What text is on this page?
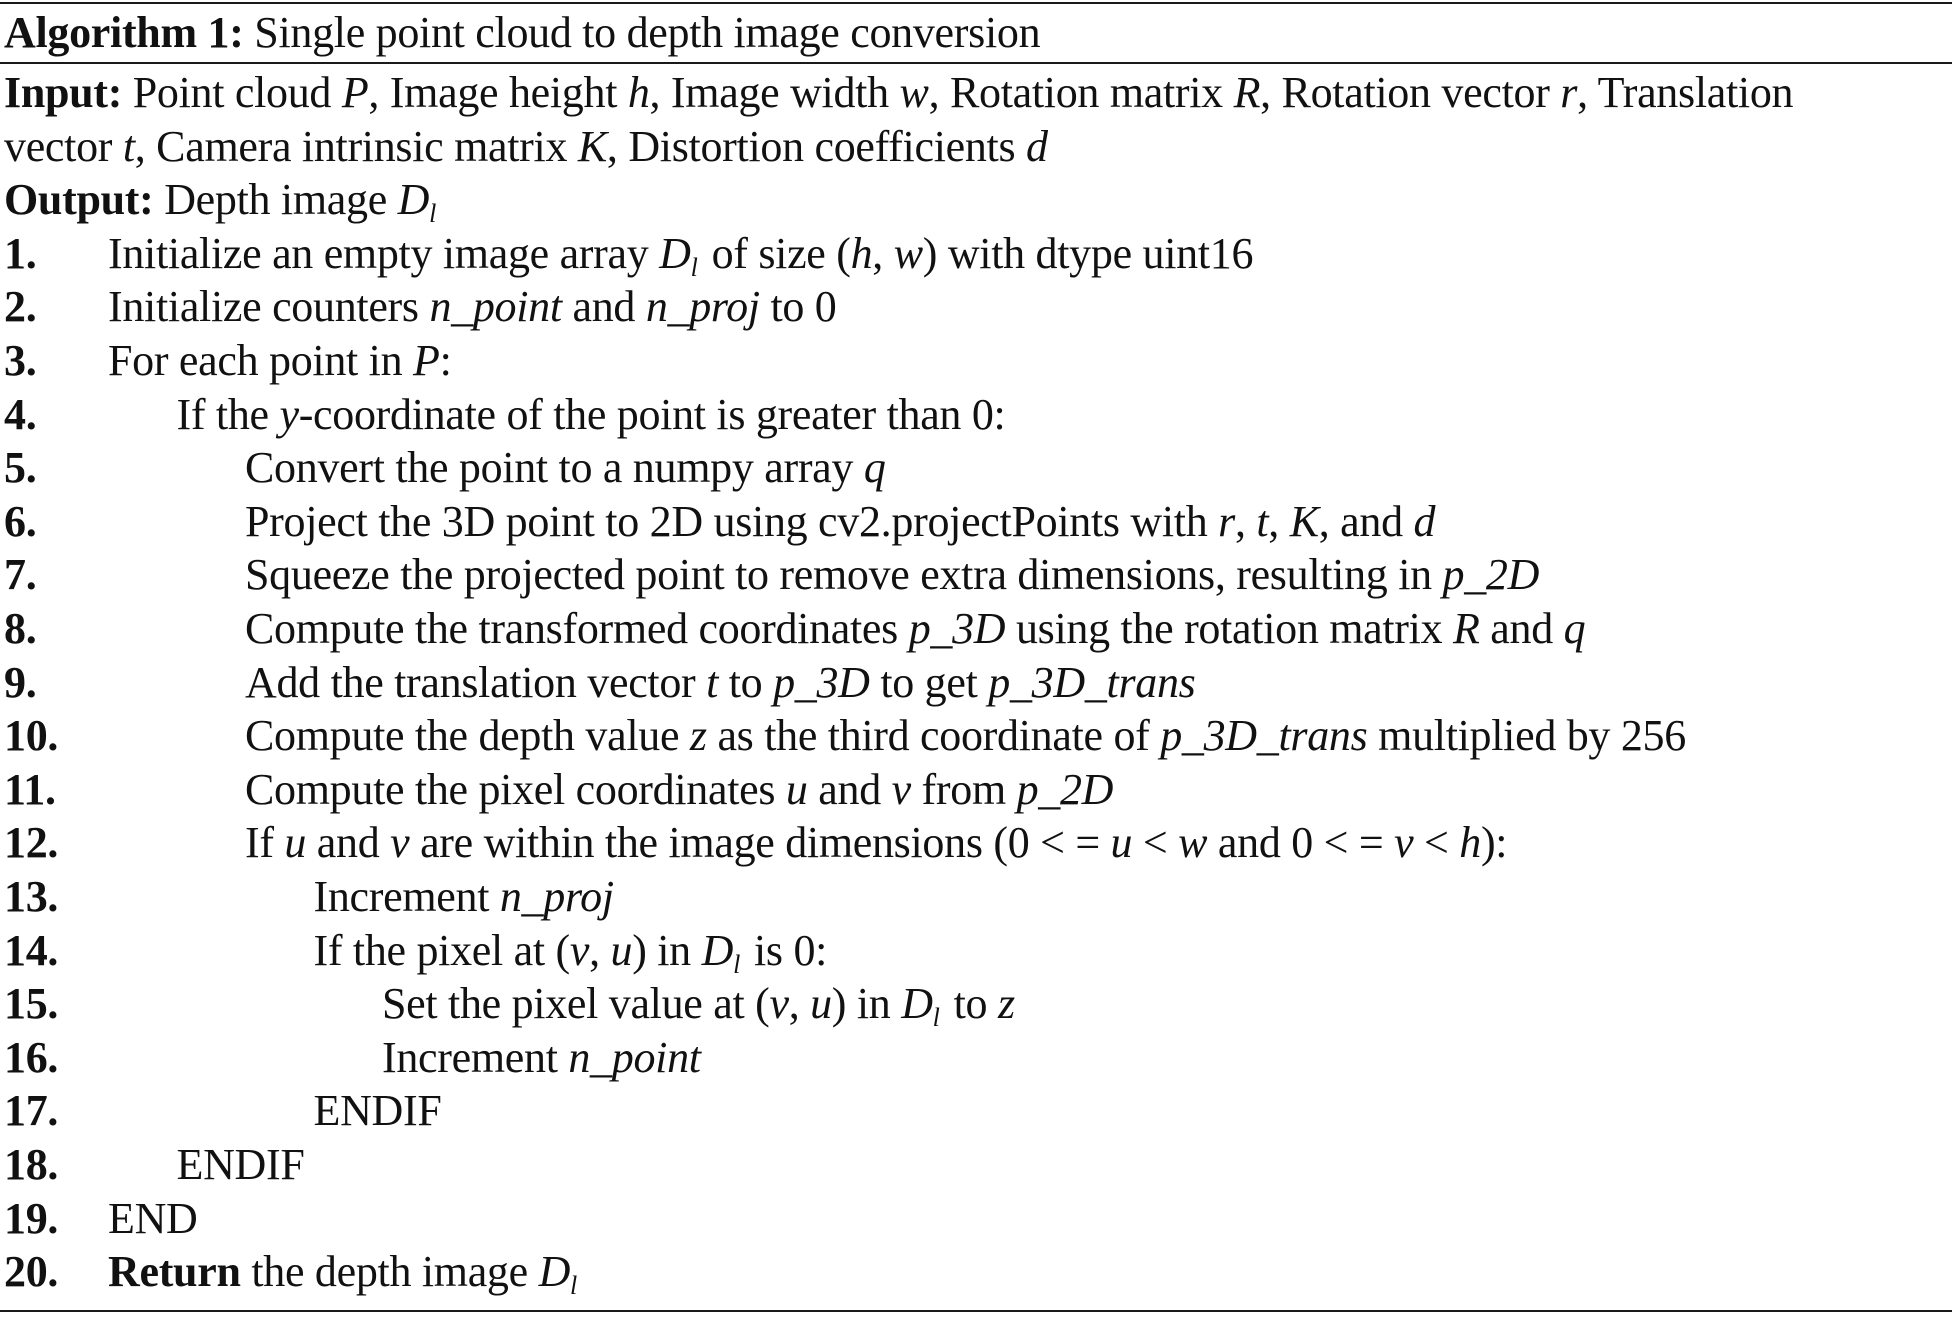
Algorithm 1: Single point cloud to depth image conversion
Input: Point cloud P, Image height h, Image width w, Rotation matrix R, Rotation vector r, Translation
vector t, Camera intrinsic matrix K, Distortion coefficients d
Output: Depth image $D_l$
1. Initialize an empty image array $D_l$ of size (h, w) with dtype uint16
2. Initialize counters n_point and n_proj to 0
3. For each point in P:
4.	If the y-coordinate of the point is greater than 0:
5.	Convert the point to a numpy array q
6.	Project the 3D point to 2D using cv2.projectPoints with r, t, K, and d
7.	Squeeze the projected point to remove extra dimensions, resulting in p_2D
8.	Compute the transformed coordinates p_3D using the rotation matrix R and q
9.	Add the translation vector t to p_3D to get p_3D_trans
10.	Compute the depth value z as the third coordinate of p_3D_trans multiplied by 256
11.	Compute the pixel coordinates u and v from p_2D
12.	If u and v are within the image dimensions (0 < = u < w and 0 < = v < h):
13.	Increment n_proj
14.	If the pixel at (v, u) in $D_l$ is 0:
15.	Set the pixel value at (v, u) in $D_l$ to z
16.	Increment n_point
17.	ENDIF
18.	ENDIF
19. END
20. Return the depth image $D_l$
